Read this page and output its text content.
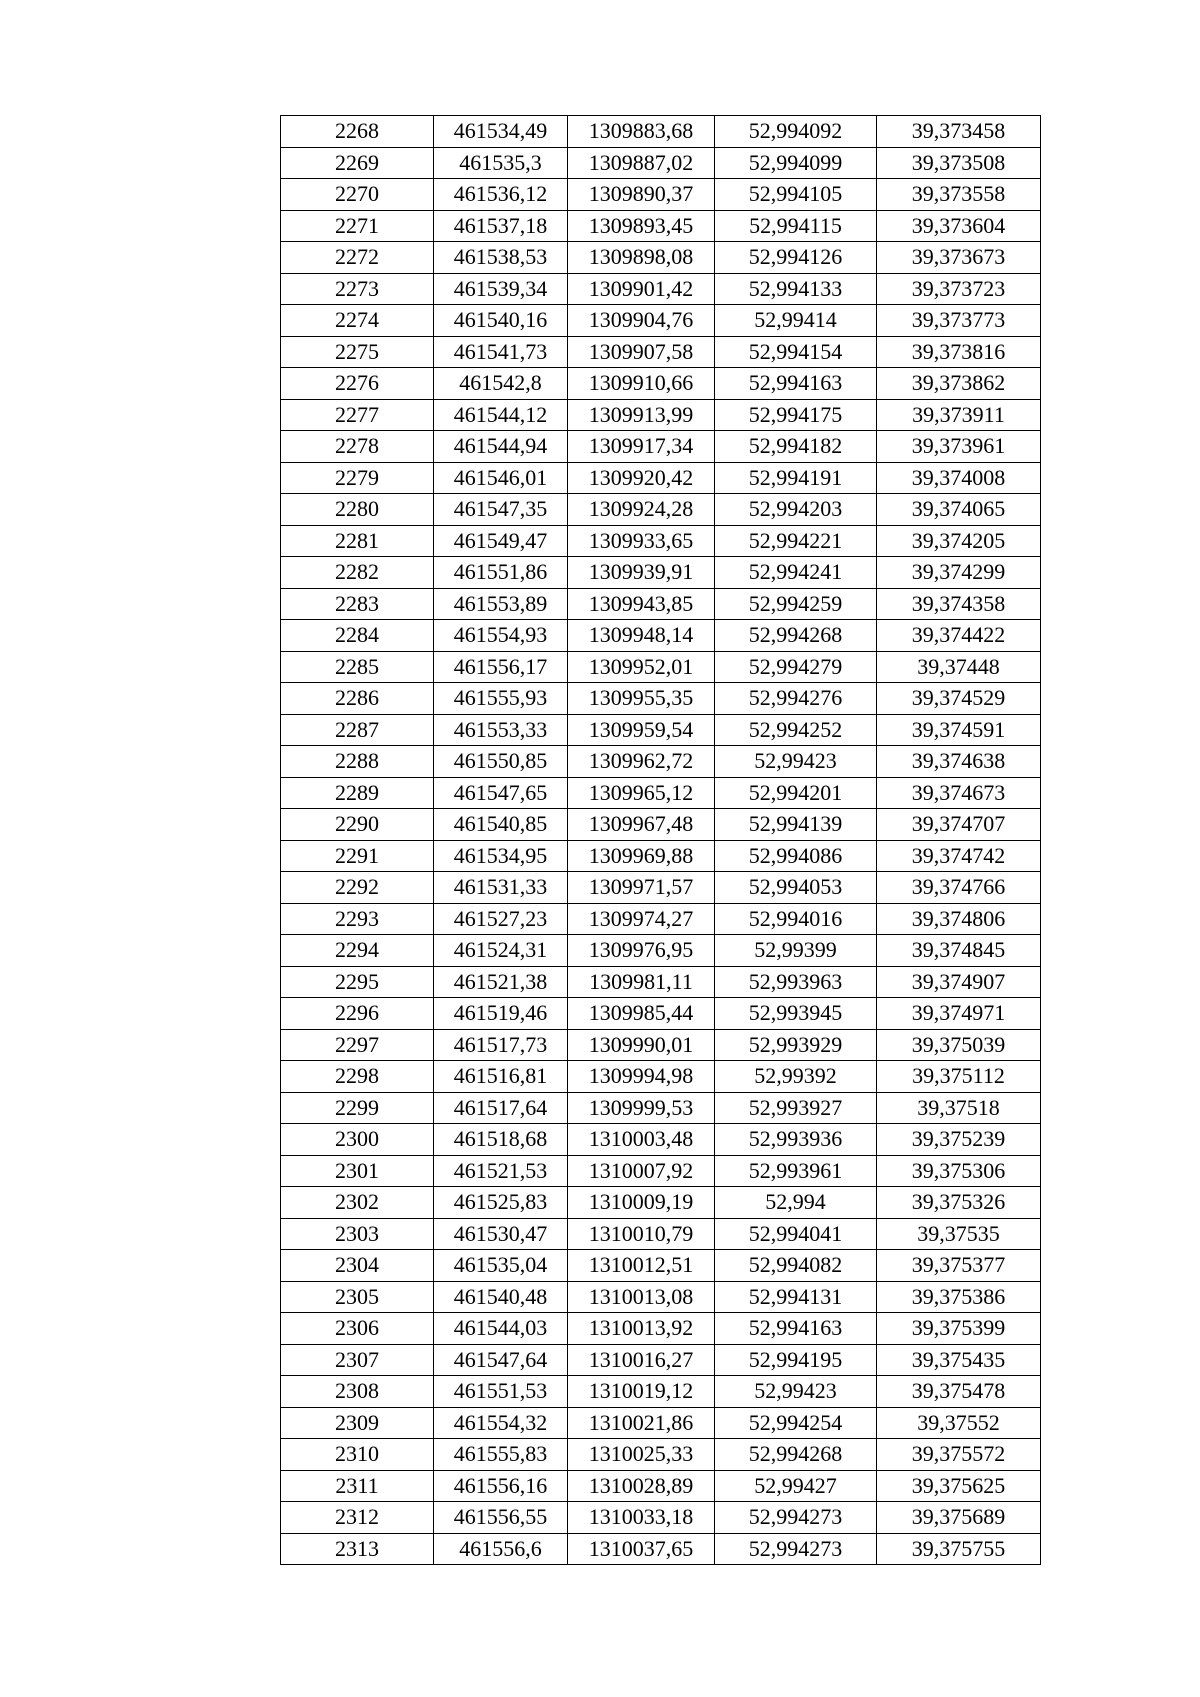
2268	461534,49	1309883,68	52,994092	39,373458
2269	461535,3	1309887,02	52,994099	39,373508
2270	461536,12	1309890,37	52,994105	39,373558
2271	461537,18	1309893,45	52,994115	39,373604
2272	461538,53	1309898,08	52,994126	39,373673
2273	461539,34	1309901,42	52,994133	39,373723
2274	461540,16	1309904,76	52,99414	39,373773
2275	461541,73	1309907,58	52,994154	39,373816
2276	461542,8	1309910,66	52,994163	39,373862
2277	461544,12	1309913,99	52,994175	39,373911
2278	461544,94	1309917,34	52,994182	39,373961
2279	461546,01	1309920,42	52,994191	39,374008
2280	461547,35	1309924,28	52,994203	39,374065
2281	461549,47	1309933,65	52,994221	39,374205
2282	461551,86	1309939,91	52,994241	39,374299
2283	461553,89	1309943,85	52,994259	39,374358
2284	461554,93	1309948,14	52,994268	39,374422
2285	461556,17	1309952,01	52,994279	39,37448
2286	461555,93	1309955,35	52,994276	39,374529
2287	461553,33	1309959,54	52,994252	39,374591
2288	461550,85	1309962,72	52,99423	39,374638
2289	461547,65	1309965,12	52,994201	39,374673
2290	461540,85	1309967,48	52,994139	39,374707
2291	461534,95	1309969,88	52,994086	39,374742
2292	461531,33	1309971,57	52,994053	39,374766
2293	461527,23	1309974,27	52,994016	39,374806
2294	461524,31	1309976,95	52,99399	39,374845
2295	461521,38	1309981,11	52,993963	39,374907
2296	461519,46	1309985,44	52,993945	39,374971
2297	461517,73	1309990,01	52,993929	39,375039
2298	461516,81	1309994,98	52,99392	39,375112
2299	461517,64	1309999,53	52,993927	39,37518
2300	461518,68	1310003,48	52,993936	39,375239
2301	461521,53	1310007,92	52,993961	39,375306
2302	461525,83	1310009,19	52,994	39,375326
2303	461530,47	1310010,79	52,994041	39,37535
2304	461535,04	1310012,51	52,994082	39,375377
2305	461540,48	1310013,08	52,994131	39,375386
2306	461544,03	1310013,92	52,994163	39,375399
2307	461547,64	1310016,27	52,994195	39,375435
2308	461551,53	1310019,12	52,99423	39,375478
2309	461554,32	1310021,86	52,994254	39,37552
2310	461555,83	1310025,33	52,994268	39,375572
2311	461556,16	1310028,89	52,99427	39,375625
2312	461556,55	1310033,18	52,994273	39,375689
2313	461556,6	1310037,65	52,994273	39,375755
